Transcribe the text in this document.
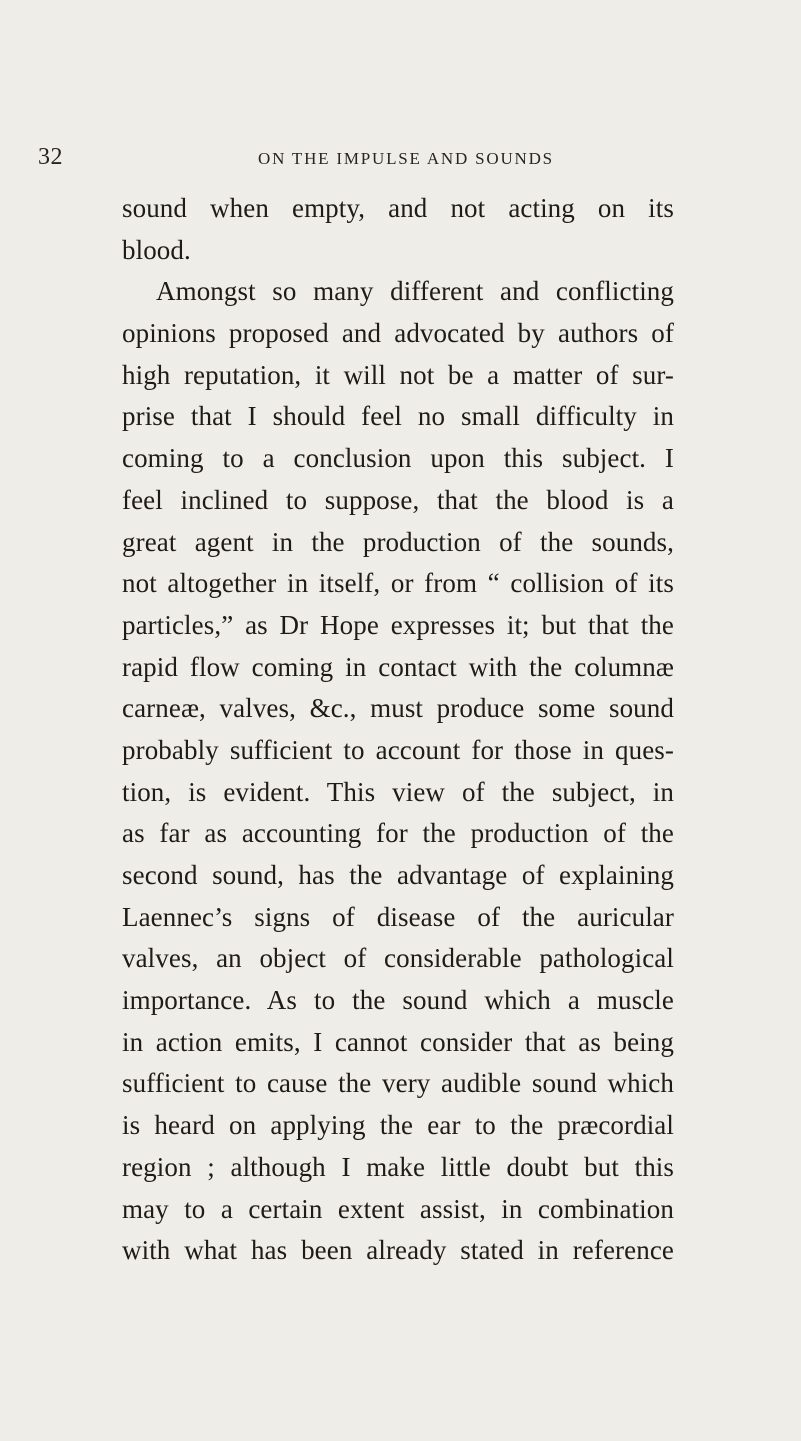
32	ON THE IMPULSE AND SOUNDS
sound when empty, and not acting on its
blood.
Amongst so many different and conflicting
opinions proposed and advocated by authors of
high reputation, it will not be a matter of sur-
prise that I should feel no small difficulty in
coming to a conclusion upon this subject. I
feel inclined to suppose, that the blood is a
great agent in the production of the sounds,
not altogether in itself, or from “ collision of its
particles,” as Dr Hope expresses it; but that the
rapid flow coming in contact with the columnæ
carneæ, valves, &c., must produce some sound
probably sufficient to account for those in ques-
tion, is evident. This view of the subject, in
as far as accounting for the production of the
second sound, has the advantage of explaining
Laennec’s signs of disease of the auricular
valves, an object of considerable pathological
importance. As to the sound which a muscle
in action emits, I cannot consider that as being
sufficient to cause the very audible sound which
is heard on applying the ear to the præcordial
region ; although I make little doubt but this
may to a certain extent assist, in combination
with what has been already stated in reference
